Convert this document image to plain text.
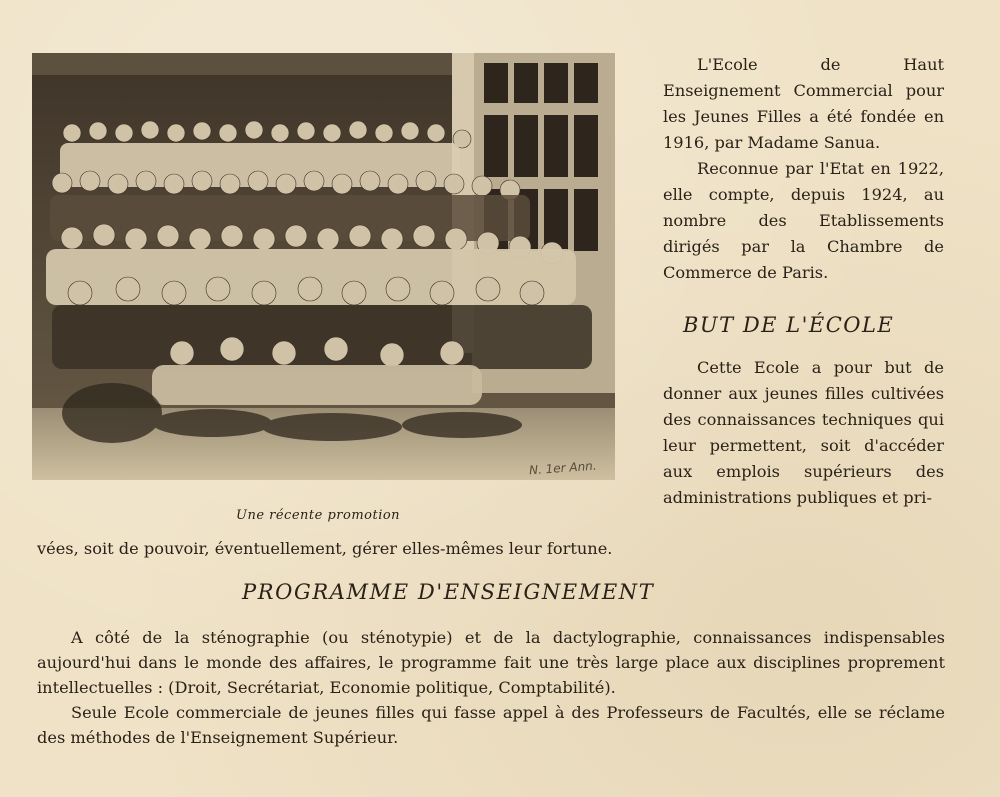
N. 1er Ann.
Une récente promotion

L'Ecole de Haut Enseignement Commercial pour les Jeunes Filles a été fondée en 1916, par Madame Sanua.

Reconnue par l'Etat en 1922, elle compte, depuis 1924, au nombre des Etablissements dirigés par la Chambre de Commerce de Paris.

BUT DE L'ÉCOLE
Cette Ecole a pour but de donner aux jeunes filles cultivées des connaissances techniques qui leur permettent, soit d'accéder aux emplois supérieurs des administrations publiques et pri-
vées, soit de pouvoir, éventuellement, gérer elles-mêmes leur fortune.
PROGRAMME D'ENSEIGNEMENT

A côté de la sténographie (ou sténotypie) et de la dactylographie, connaissances indispensables aujourd'hui dans le monde des affaires, le programme fait une très large place aux disciplines proprement intellectuelles : (Droit, Secrétariat, Economie politique, Comptabilité).

Seule Ecole commerciale de jeunes filles qui fasse appel à des Professeurs de Facultés, elle se réclame des méthodes de l'Enseignement Supérieur.
